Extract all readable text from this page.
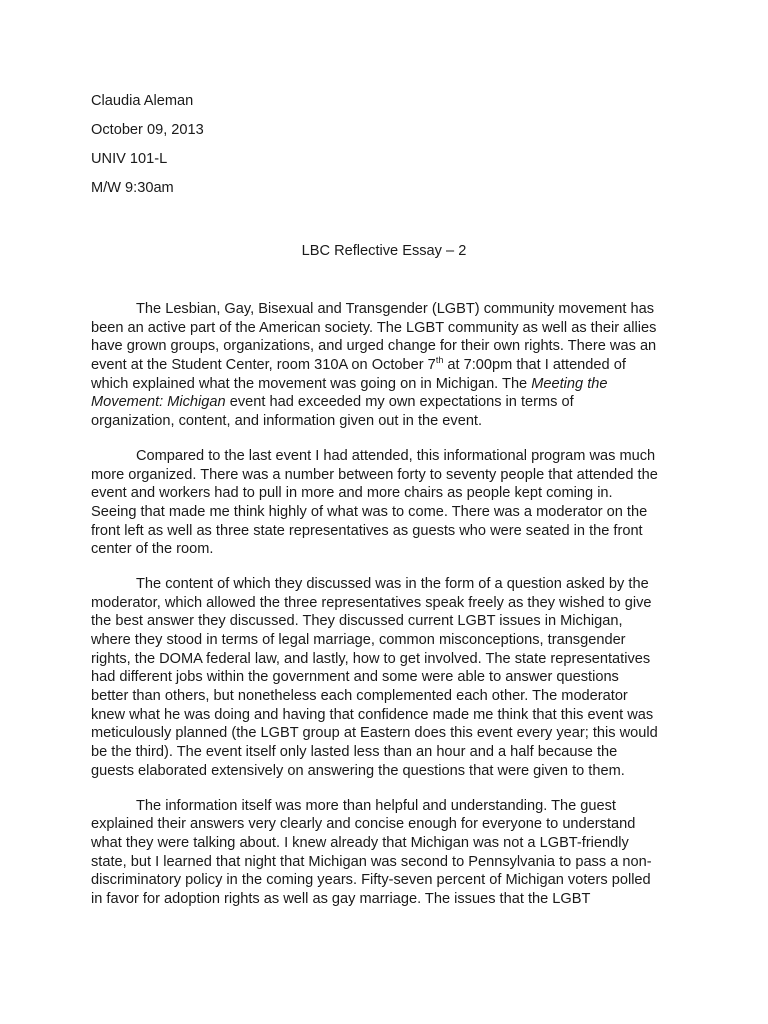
Claudia Aleman
October 09, 2013
UNIV 101-L
M/W 9:30am
LBC Reflective Essay – 2
The Lesbian, Gay, Bisexual and Transgender (LGBT) community movement has
been an active part of the American society. The LGBT community as well as their allies
have grown groups, organizations, and urged change for their own rights. There was an
event at the Student Center, room 310A on October 7th at 7:00pm that I attended of
which explained what the movement was going on in Michigan. The Meeting the
Movement: Michigan event had exceeded my own expectations in terms of
organization, content, and information given out in the event.
Compared to the last event I had attended, this informational program was much
more organized. There was a number between forty to seventy people that attended the
event and workers had to pull in more and more chairs as people kept coming in.
Seeing that made me think highly of what was to come. There was a moderator on the
front left as well as three state representatives as guests who were seated in the front
center of the room.
The content of which they discussed was in the form of a question asked by the
moderator, which allowed the three representatives speak freely as they wished to give
the best answer they discussed. They discussed current LGBT issues in Michigan,
where they stood in terms of legal marriage, common misconceptions, transgender
rights, the DOMA federal law, and lastly, how to get involved. The state representatives
had different jobs within the government and some were able to answer questions
better than others, but nonetheless each complemented each other. The moderator
knew what he was doing and having that confidence made me think that this event was
meticulously planned (the LGBT group at Eastern does this event every year; this would
be the third). The event itself only lasted less than an hour and a half because the
guests elaborated extensively on answering the questions that were given to them.
The information itself was more than helpful and understanding. The guest
explained their answers very clearly and concise enough for everyone to understand
what they were talking about. I knew already that Michigan was not a LGBT-friendly
state, but I learned that night that Michigan was second to Pennsylvania to pass a non-
discriminatory policy in the coming years. Fifty-seven percent of Michigan voters polled
in favor for adoption rights as well as gay marriage. The issues that the LGBT
